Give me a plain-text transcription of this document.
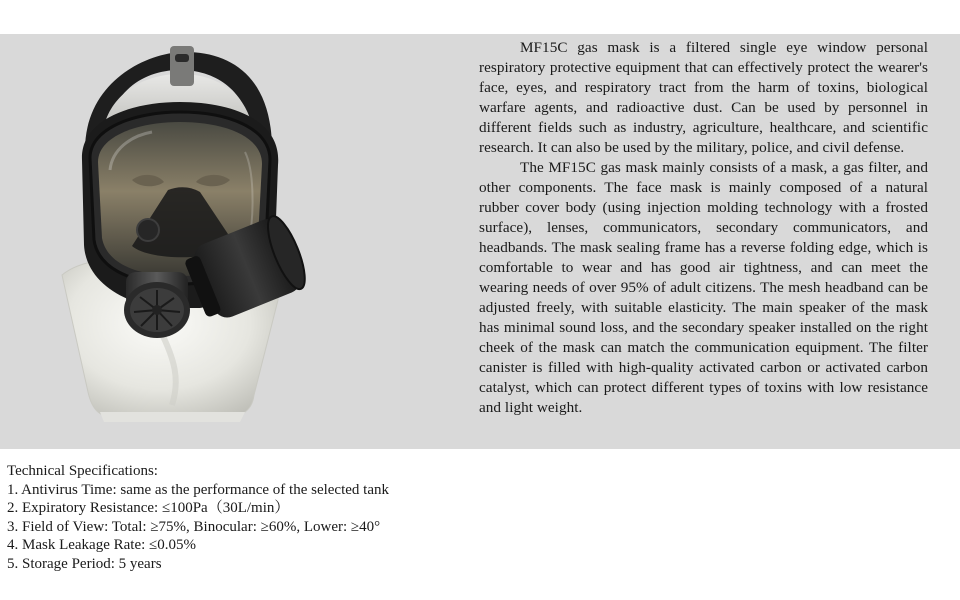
MF15C gas mask is a filtered single eye window personal respiratory protective equipment that can effectively protect the wearer's face, eyes, and respiratory tract from the harm of toxins, biological warfare agents, and radioactive dust. Can be used by personnel in different fields such as industry, agriculture, healthcare, and scientific research. It can also be used by the military, police, and civil defense.

The MF15C gas mask mainly consists of a mask, a gas filter, and other components. The face mask is mainly composed of a natural rubber cover body (using injection molding technology with a frosted surface), lenses, communicators, secondary communicators, and headbands. The mask sealing frame has a reverse folding edge, which is comfortable to wear and has good air tightness, and can meet the wearing needs of over 95% of adult citizens. The mesh headband can be adjusted freely, with suitable elasticity. The main speaker of the mask has minimal sound loss, and the secondary speaker installed on the right cheek of the mask can match the communication equipment. The filter canister is filled with high-quality activated carbon or activated carbon catalyst, which can protect different types of toxins with low resistance and light weight.

Technical Specifications:
1. Antivirus Time: same as the performance of the selected tank
2. Expiratory Resistance: ≤100Pa（30L/min）
3. Field of View: Total: ≥75%, Binocular: ≥60%, Lower: ≥40°
4. Mask Leakage Rate: ≤0.05%
5. Storage Period: 5 years
